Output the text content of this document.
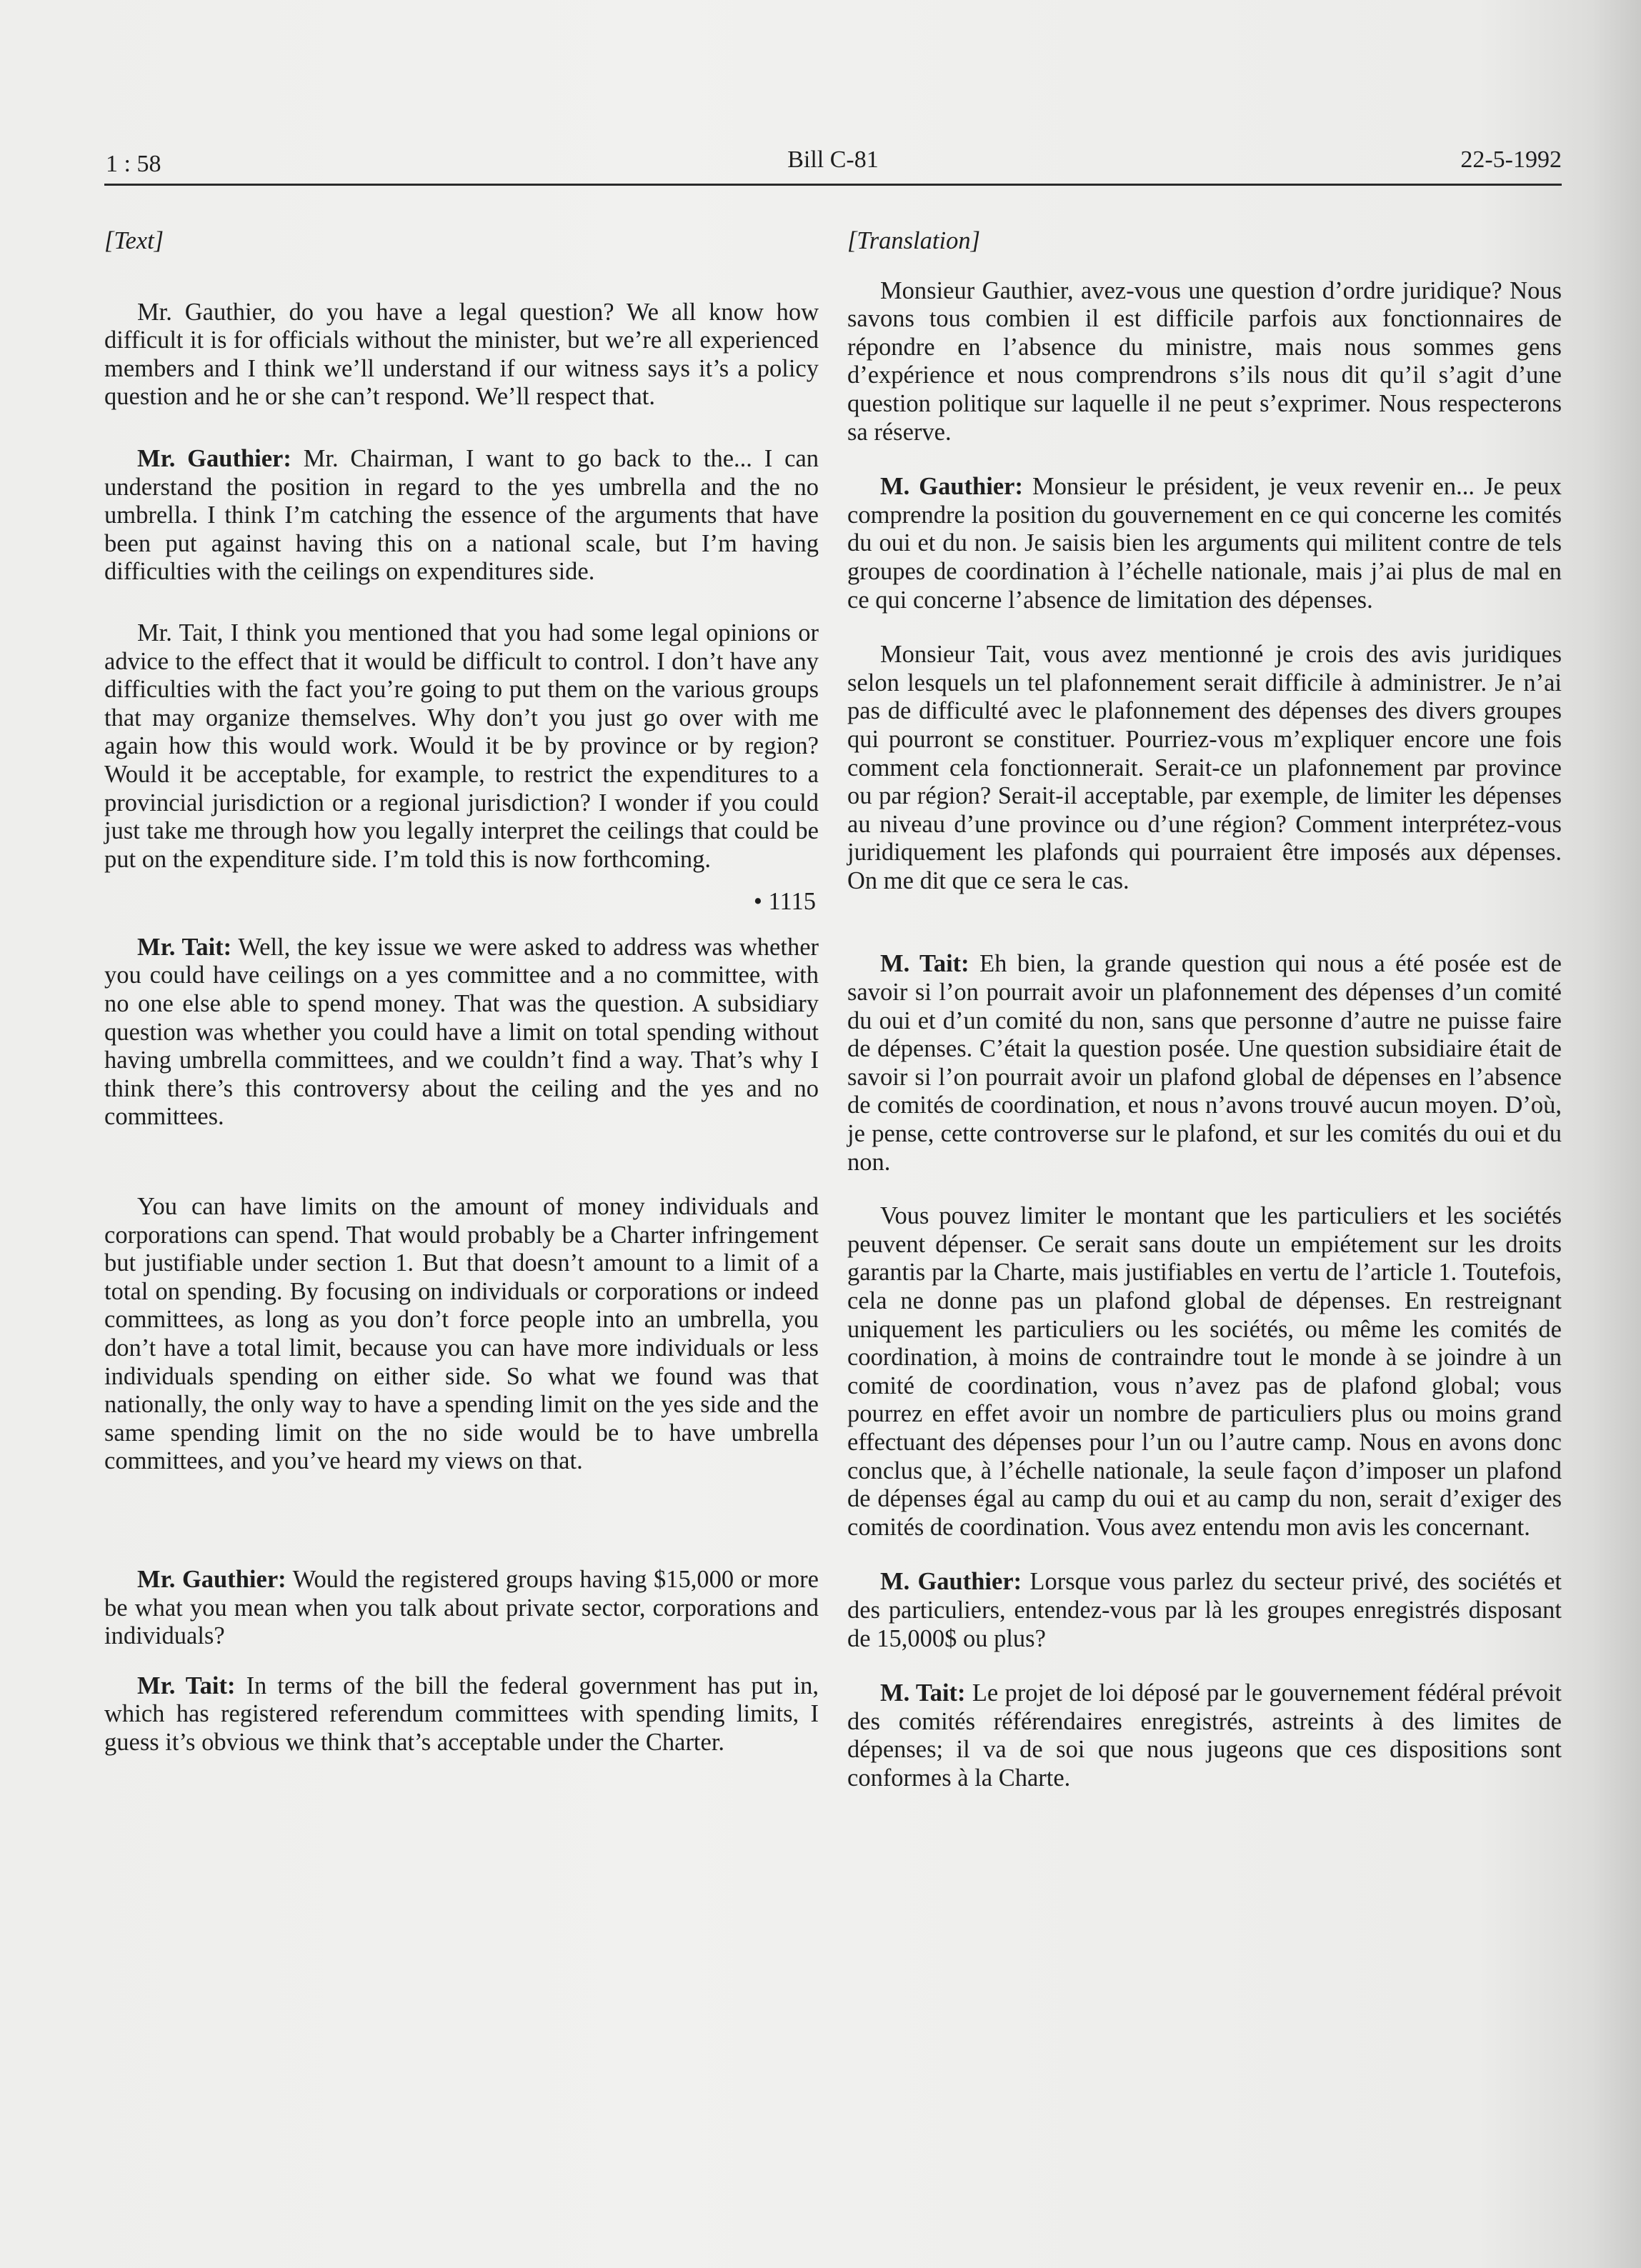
1 : 58	Bill C-81	22-5-1992
[Text]

Mr. Gauthier, do you have a legal question? We all know how difficult it is for officials without the minister, but we’re all experienced members and I think we’ll understand if our witness says it’s a policy question and he or she can’t respond. We’ll respect that.

Mr. Gauthier: Mr. Chairman, I want to go back to the... I can understand the position in regard to the yes umbrella and the no umbrella. I think I’m catching the essence of the arguments that have been put against having this on a national scale, but I’m having difficulties with the ceilings on expenditures side.

Mr. Tait, I think you mentioned that you had some legal opinions or advice to the effect that it would be difficult to control. I don’t have any difficulties with the fact you’re going to put them on the various groups that may organize themselves. Why don’t you just go over with me again how this would work. Would it be by province or by region? Would it be acceptable, for example, to restrict the expenditures to a provincial jurisdiction or a regional jurisdiction? I wonder if you could just take me through how you legally interpret the ceilings that could be put on the expenditure side. I’m told this is now forthcoming.

• 1115

Mr. Tait: Well, the key issue we were asked to address was whether you could have ceilings on a yes committee and a no committee, with no one else able to spend money. That was the question. A subsidiary question was whether you could have a limit on total spending without having umbrella committees, and we couldn’t find a way. That’s why I think there’s this controversy about the ceiling and the yes and no committees.

You can have limits on the amount of money individuals and corporations can spend. That would probably be a Charter infringement but justifiable under section 1. But that doesn’t amount to a limit of a total on spending. By focusing on individuals or corporations or indeed committees, as long as you don’t force people into an umbrella, you don’t have a total limit, because you can have more individuals or less individuals spending on either side. So what we found was that nationally, the only way to have a spending limit on the yes side and the same spending limit on the no side would be to have umbrella committees, and you’ve heard my views on that.

Mr. Gauthier: Would the registered groups having $15,000 or more be what you mean when you talk about private sector, corporations and individuals?

Mr. Tait: In terms of the bill the federal government has put in, which has registered referendum committees with spending limits, I guess it’s obvious we think that’s acceptable under the Charter.

[Translation]

Monsieur Gauthier, avez-vous une question d’ordre juridique? Nous savons tous combien il est difficile parfois aux fonctionnaires de répondre en l’absence du ministre, mais nous sommes gens d’expérience et nous comprendrons s’ils nous dit qu’il s’agit d’une question politique sur laquelle il ne peut s’exprimer. Nous respecterons sa réserve.

M. Gauthier: Monsieur le président, je veux revenir en... Je peux comprendre la position du gouvernement en ce qui concerne les comités du oui et du non. Je saisis bien les arguments qui militent contre de tels groupes de coordination à l’échelle nationale, mais j’ai plus de mal en ce qui concerne l’absence de limitation des dépenses.

Monsieur Tait, vous avez mentionné je crois des avis juridiques selon lesquels un tel plafonnement serait difficile à administrer. Je n’ai pas de difficulté avec le plafonnement des dépenses des divers groupes qui pourront se constituer. Pourriez-vous m’expliquer encore une fois comment cela fonctionnerait. Serait-ce un plafonnement par province ou par région? Serait-il acceptable, par exemple, de limiter les dépenses au niveau d’une province ou d’une région? Comment interprétez-vous juridiquement les plafonds qui pourraient être imposés aux dépenses. On me dit que ce sera le cas.

M. Tait: Eh bien, la grande question qui nous a été posée est de savoir si l’on pourrait avoir un plafonnement des dépenses d’un comité du oui et d’un comité du non, sans que personne d’autre ne puisse faire de dépenses. C’était la question posée. Une question subsidiaire était de savoir si l’on pourrait avoir un plafond global de dépenses en l’absence de comités de coordination, et nous n’avons trouvé aucun moyen. D’où, je pense, cette controverse sur le plafond, et sur les comités du oui et du non.

Vous pouvez limiter le montant que les particuliers et les sociétés peuvent dépenser. Ce serait sans doute un empiétement sur les droits garantis par la Charte, mais justifiables en vertu de l’article 1. Toutefois, cela ne donne pas un plafond global de dépenses. En restreignant uniquement les particuliers ou les sociétés, ou même les comités de coordination, à moins de contraindre tout le monde à se joindre à un comité de coordination, vous n’avez pas de plafond global; vous pourrez en effet avoir un nombre de particuliers plus ou moins grand effectuant des dépenses pour l’un ou l’autre camp. Nous en avons donc conclus que, à l’échelle nationale, la seule façon d’imposer un plafond de dépenses égal au camp du oui et au camp du non, serait d’exiger des comités de coordination. Vous avez entendu mon avis les concernant.

M. Gauthier: Lorsque vous parlez du secteur privé, des sociétés et des particuliers, entendez-vous par là les groupes enregistrés disposant de 15,000$ ou plus?

M. Tait: Le projet de loi déposé par le gouvernement fédéral prévoit des comités référendaires enregistrés, astreints à des limites de dépenses; il va de soi que nous jugeons que ces dispositions sont conformes à la Charte.
